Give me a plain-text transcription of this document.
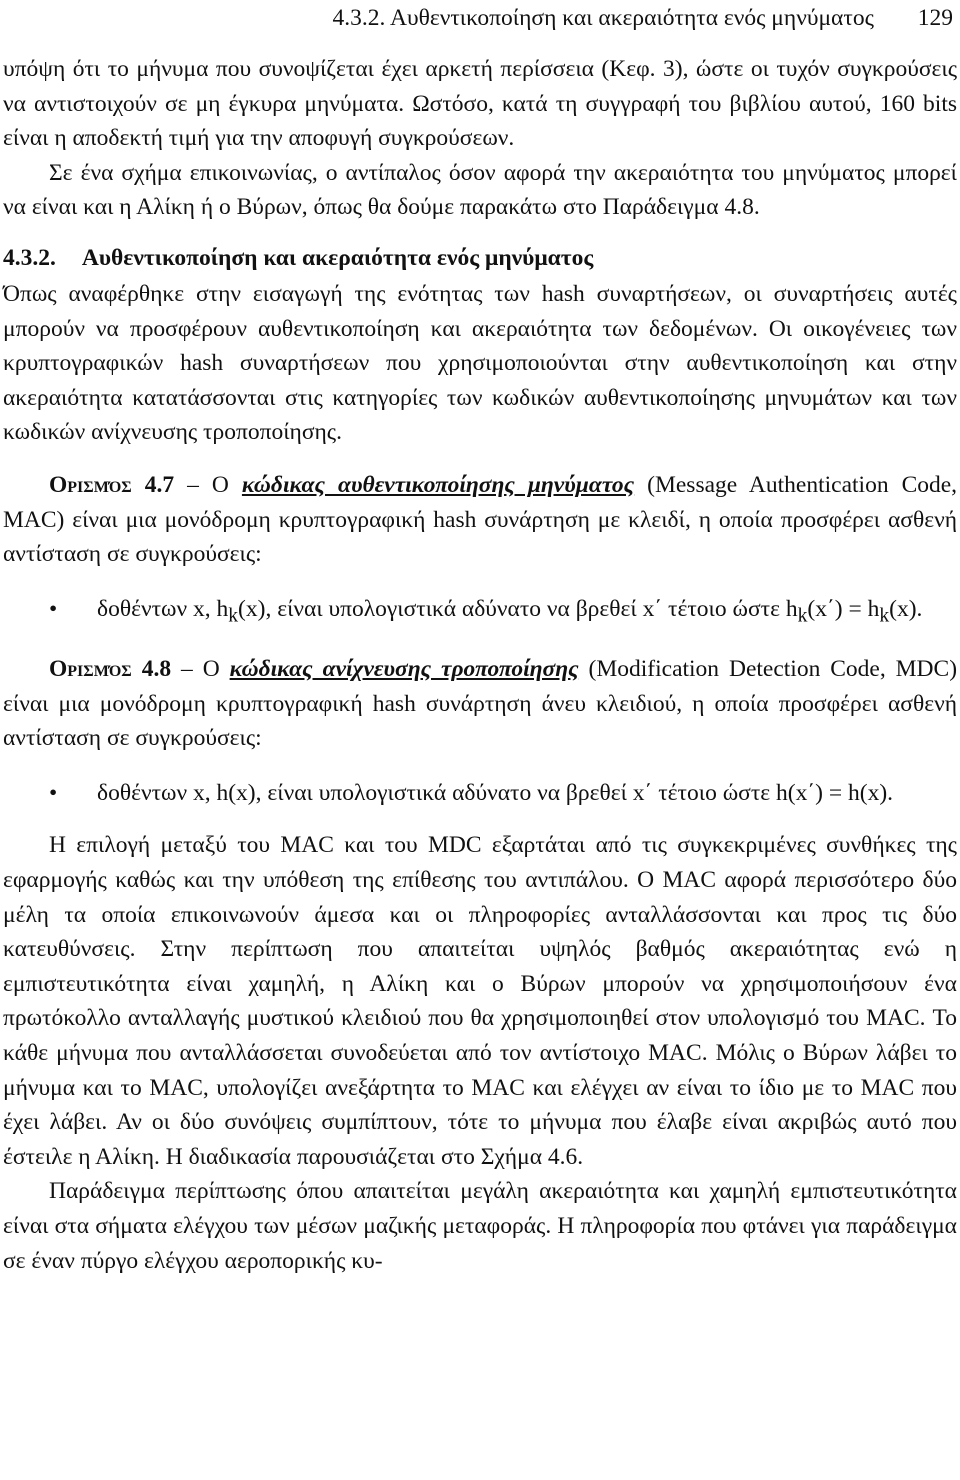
4.3.2. Αυθεντικοποίηση και ακεραιότητα ενός μηνύματος 129

υπόψη ότι το μήνυμα που συνοψίζεται έχει αρκετή περίσσεια (Κεφ. 3), ώστε οι τυχόν συγκρούσεις να αντιστοιχούν σε μη έγκυρα μηνύματα. Ωστόσο, κατά τη συγγραφή του βιβλίου αυτού, 160 bits είναι η αποδεκτή τιμή για την αποφυγή συγκρούσεων.

Σε ένα σχήμα επικοινωνίας, ο αντίπαλος όσον αφορά την ακεραιότητα του μηνύματος μπορεί να είναι και η Αλίκη ή ο Βύρων, όπως θα δούμε παρακάτω στο Παράδειγμα 4.8.

4.3.2. Αυθεντικοποίηση και ακεραιότητα ενός μηνύματος

Όπως αναφέρθηκε στην εισαγωγή της ενότητας των hash συναρτήσεων, οι συναρτήσεις αυτές μπορούν να προσφέρουν αυθεντικοποίηση και ακεραιότητα των δεδομένων. Οι οικογένειες των κρυπτογραφικών hash συναρτήσεων που χρησιμοποιούνται στην αυθεντικοποίηση και στην ακεραιότητα κατατάσσονται στις κατηγορίες των κωδικών αυθεντικοποίησης μηνυμάτων και των κωδικών ανίχνευσης τροποποίησης.

Ορισμός 4.7 – Ο κώδικας αυθεντικοποίησης μηνύματος (Message Authentication Code, MAC) είναι μια μονόδρομη κρυπτογραφική hash συνάρτηση με κλειδί, η οποία προσφέρει ασθενή αντίσταση σε συγκρούσεις:

• δοθέντων x, $h_k(x)$, είναι υπολογιστικά αδύνατο να βρεθεί x΄ τέτοιο ώστε $h_k(x΄) = h_k(x)$.

Ορισμός 4.8 – Ο κώδικας ανίχνευσης τροποποίησης (Modification Detection Code, MDC) είναι μια μονόδρομη κρυπτογραφική hash συνάρτηση άνευ κλειδιού, η οποία προσφέρει ασθενή αντίσταση σε συγκρούσεις:

• δοθέντων x, h(x), είναι υπολογιστικά αδύνατο να βρεθεί x΄ τέτοιο ώστε h(x΄) = h(x).

Η επιλογή μεταξύ του MAC και του MDC εξαρτάται από τις συγκεκριμένες συνθήκες της εφαρμογής καθώς και την υπόθεση της επίθεσης του αντιπάλου. Ο MAC αφορά περισσότερο δύο μέλη τα οποία επικοινωνούν άμεσα και οι πληροφορίες ανταλλάσσονται και προς τις δύο κατευθύνσεις. Στην περίπτωση που απαιτείται υψηλός βαθμός ακεραιότητας ενώ η εμπιστευτικότητα είναι χαμηλή, η Αλίκη και ο Βύρων μπορούν να χρησιμοποιήσουν ένα πρωτόκολλο ανταλλαγής μυστικού κλειδιού που θα χρησιμοποιηθεί στον υπολογισμό του MAC. Το κάθε μήνυμα που ανταλλάσσεται συνοδεύεται από τον αντίστοιχο MAC. Μόλις ο Βύρων λάβει το μήνυμα και το MAC, υπολογίζει ανεξάρτητα το MAC και ελέγχει αν είναι το ίδιο με το MAC που έχει λάβει. Αν οι δύο συνόψεις συμπίπτουν, τότε το μήνυμα που έλαβε είναι ακριβώς αυτό που έστειλε η Αλίκη. Η διαδικασία παρουσιάζεται στο Σχήμα 4.6.

Παράδειγμα περίπτωσης όπου απαιτείται μεγάλη ακεραιότητα και χαμηλή εμπιστευτικότητα είναι στα σήματα ελέγχου των μέσων μαζικής μεταφοράς. Η πληροφορία που φτάνει για παράδειγμα σε έναν πύργο ελέγχου αεροπορικής κυ-
